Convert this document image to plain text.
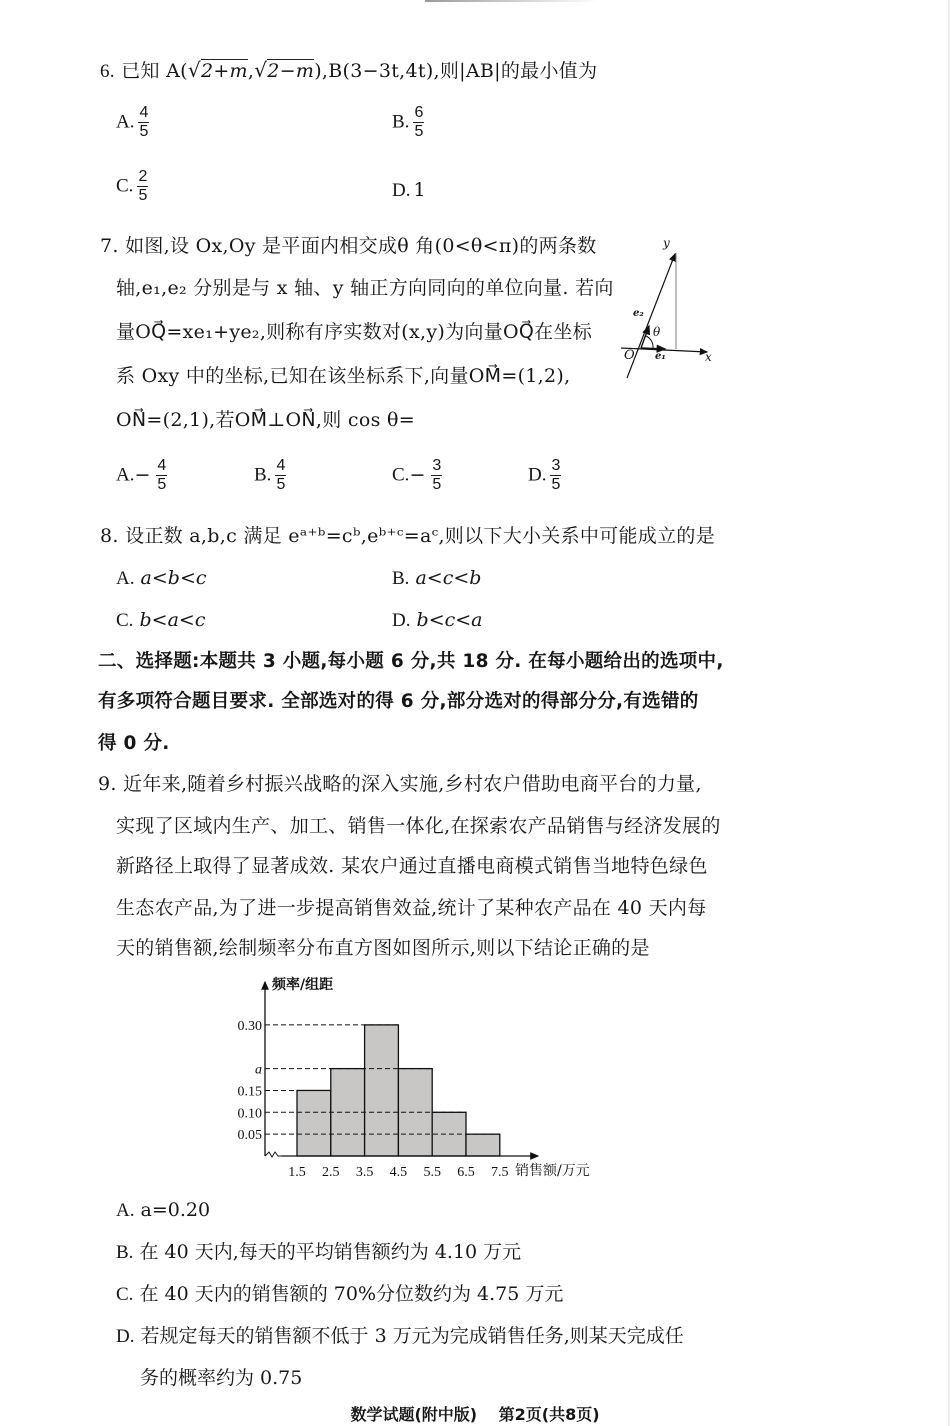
6. 已知 A(√2+m,√2−m),B(3−3t,4t),则|AB|的最小值为
A. $\frac{4}{5}$	B. $\frac{6}{5}$
C. $\frac{2}{5}$	D. 1
7. 如图,设 Ox,Oy 是平面内相交成θ 角(0<θ<π)的两条数
轴,e₁,e₂ 分别是与 x 轴、y 轴正方向同向的单位向量. 若向
量OQ⃗=xe₁+ye₂,则称有序实数对(x,y)为向量OQ⃗在坐标
系 Oxy 中的坐标,已知在该坐标系下,向量OM⃗=(1,2),
ON⃗=(2,1),若OM⃗⊥ON⃗,则 cos θ=
y
x
O e₁
e₂
θ
$A.- \frac{4}{5}$	B. $\frac{4}{5}$	$C.- \frac{3}{5}$	D. $\frac{3}{5}$
8. 设正数 a,b,c 满足 eᵃ⁺ᵇ=cᵇ,eᵇ⁺ᶜ=aᶜ,则以下大小关系中可能成立的是
A. a<b<c	B. a<c<b
C. b<a<c	D. b<c<a
二、选择题:本题共 3 小题,每小题 6 分,共 18 分. 在每小题给出的选项中,
有多项符合题目要求. 全部选对的得 6 分,部分选对的得部分分,有选错的
得 0 分.
9. 近年来,随着乡村振兴战略的深入实施,乡村农户借助电商平台的力量,
实现了区域内生产、加工、销售一体化,在探索农产品销售与经济发展的
新路径上取得了显著成效. 某农户通过直播电商模式销售当地特色绿色
生态农产品,为了进一步提高销售效益,统计了某种农产品在 40 天内每
天的销售额,绘制频率分布直方图如图所示,则以下结论正确的是
0.05
0.10
0.15
a
0.30
1.5 2.5 3.5 4.5 5.5 6.5 7.5
频率/组距
销售额/万元
A. a=0.20
B. 在 40 天内,每天的平均销售额约为 4.10 万元
C. 在 40 天内的销售额的 70%分位数约为 4.75 万元
D. 若规定每天的销售额不低于 3 万元为完成销售任务,则某天完成任
务的概率约为 0.75
数学试题(附中版) 第2页(共8页)
